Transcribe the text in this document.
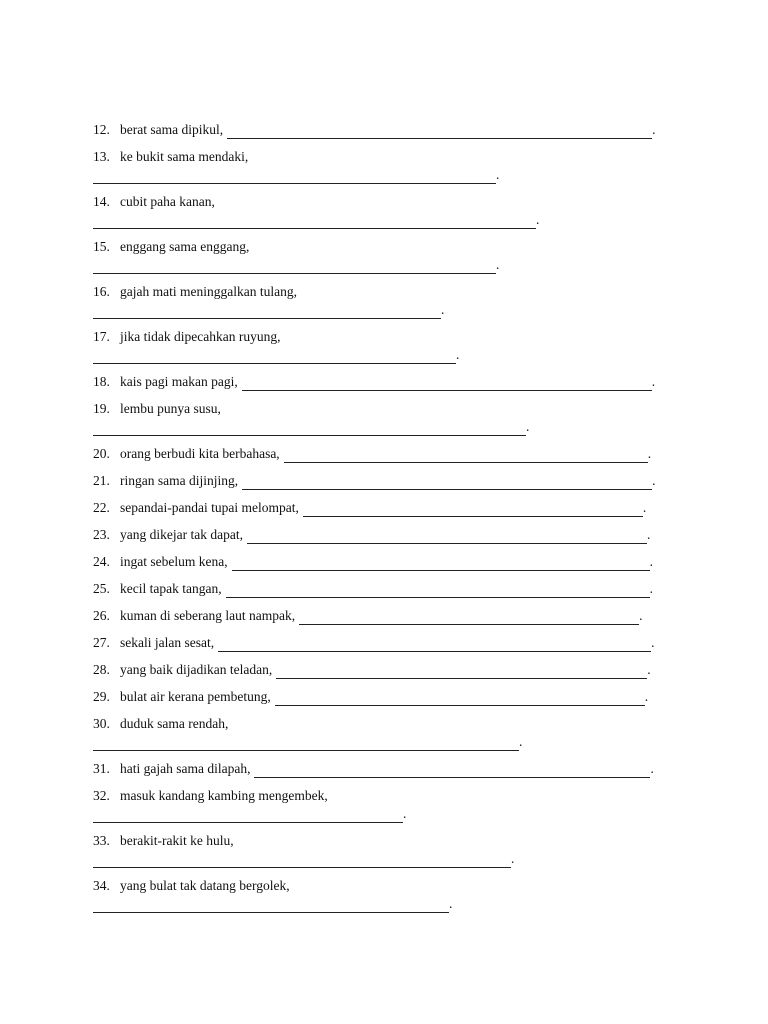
12. berat sama dipikul,	.
13. ke bukit sama mendaki,
.
14. cubit paha kanan,
.
15. enggang sama enggang,
.
16. gajah mati meninggalkan tulang,
.
17. jika tidak dipecahkan ruyung,
.
18. kais pagi makan pagi,	.
19. lembu punya susu,
.
20. orang berbudi kita berbahasa,	.
21. ringan sama dijinjing,	.
22. sepandai-pandai tupai melompat,	.
23. yang dikejar tak dapat,	.
24. ingat sebelum kena,	.
25. kecil tapak tangan,	.
26. kuman di seberang laut nampak,	.
27. sekali jalan sesat,	.
28. yang baik dijadikan teladan,	.
29. bulat air kerana pembetung,	.
30. duduk sama rendah,
.
31. hati gajah sama dilapah,	.
32. masuk kandang kambing mengembek,
.
33. berakit-rakit ke hulu,
.
34. yang bulat tak datang bergolek,
.
